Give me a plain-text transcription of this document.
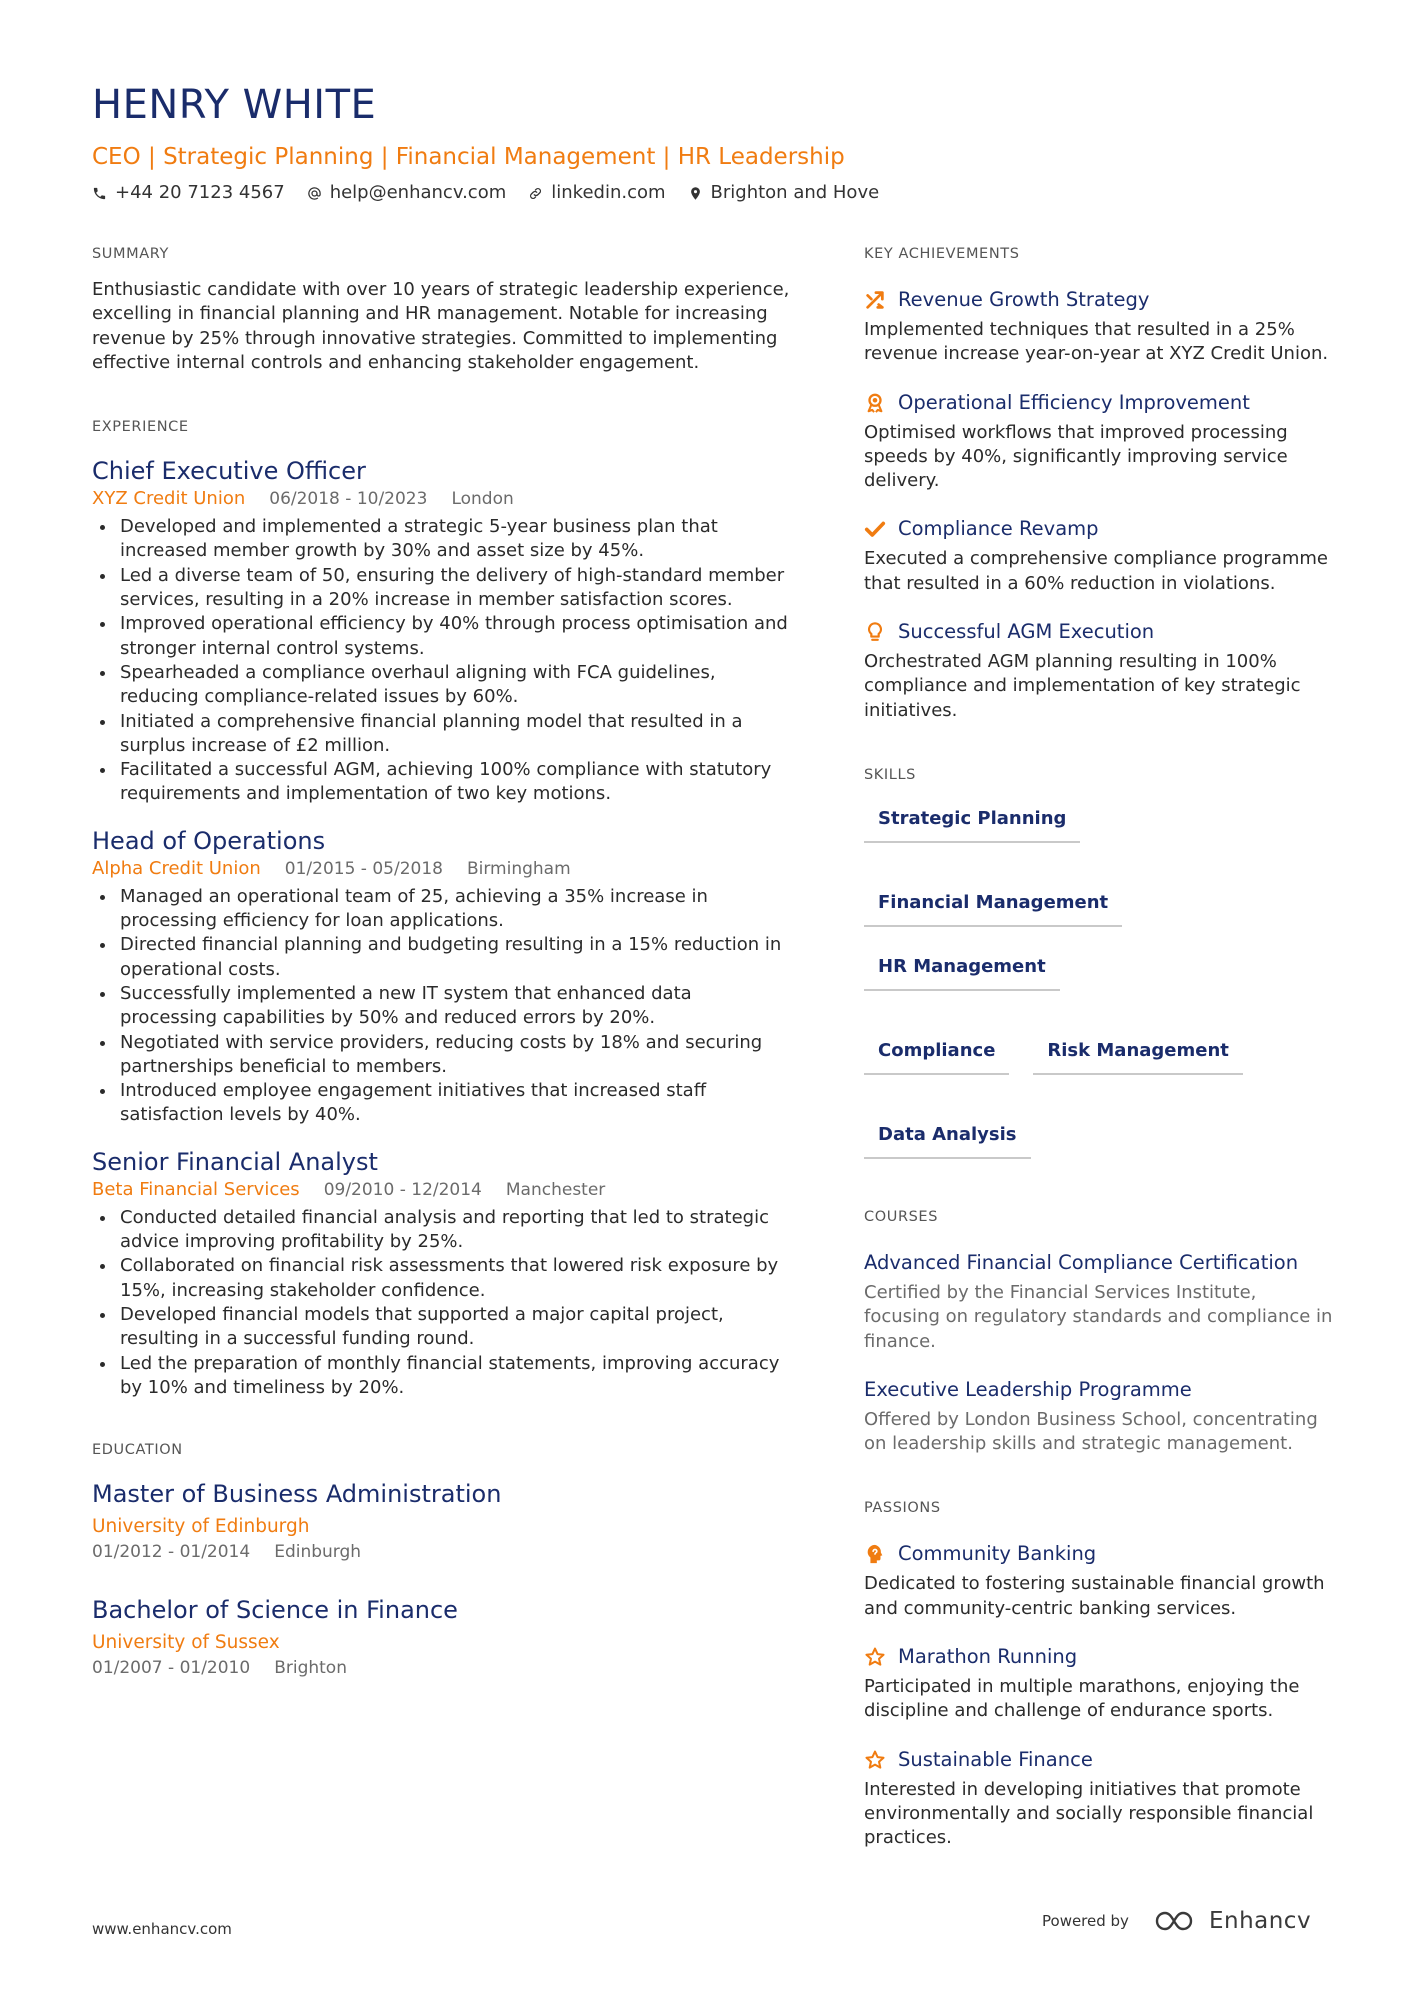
HENRY WHITE
CEO | Strategic Planning | Financial Management | HR Leadership
+44 20 7123 4567	help@enhancv.com	linkedin.com	Brighton and Hove
SUMMARY

Enthusiastic candidate with over 10 years of strategic leadership experience, excelling in financial planning and HR management. Notable for increasing revenue by 25% through innovative strategies. Committed to implementing effective internal controls and enhancing stakeholder engagement.

EXPERIENCE
Chief Executive Officer
XYZ Credit Union 06/2018 - 10/2023 London
Developed and implemented a strategic 5-year business plan that increased member growth by 30% and asset size by 45%.
Led a diverse team of 50, ensuring the delivery of high-standard member services, resulting in a 20% increase in member satisfaction scores.
Improved operational efficiency by 40% through process optimisation and stronger internal control systems.
Spearheaded a compliance overhaul aligning with FCA guidelines, reducing compliance-related issues by 60%.
Initiated a comprehensive financial planning model that resulted in a surplus increase of £2 million.
Facilitated a successful AGM, achieving 100% compliance with statutory requirements and implementation of two key motions.
Head of Operations
Alpha Credit Union 01/2015 - 05/2018 Birmingham
Managed an operational team of 25, achieving a 35% increase in processing efficiency for loan applications.
Directed financial planning and budgeting resulting in a 15% reduction in operational costs.
Successfully implemented a new IT system that enhanced data processing capabilities by 50% and reduced errors by 20%.
Negotiated with service providers, reducing costs by 18% and securing partnerships beneficial to members.
Introduced employee engagement initiatives that increased staff satisfaction levels by 40%.
Senior Financial Analyst
Beta Financial Services 09/2010 - 12/2014 Manchester
Conducted detailed financial analysis and reporting that led to strategic advice improving profitability by 25%.
Collaborated on financial risk assessments that lowered risk exposure by 15%, increasing stakeholder confidence.
Developed financial models that supported a major capital project, resulting in a successful funding round.
Led the preparation of monthly financial statements, improving accuracy by 10% and timeliness by 20%.
EDUCATION
Master of Business Administration
University of Edinburgh
01/2012 - 01/2014 Edinburgh
Bachelor of Science in Finance
University of Sussex
01/2007 - 01/2010 Brighton
KEY ACHIEVEMENTS
Revenue Growth Strategy
Implemented techniques that resulted in a 25% revenue increase year-on-year at XYZ Credit Union.
Operational Efficiency Improvement
Optimised workflows that improved processing speeds by 40%, significantly improving service delivery.
Compliance Revamp
Executed a comprehensive compliance programme that resulted in a 60% reduction in violations.
Successful AGM Execution
Orchestrated AGM planning resulting in 100% compliance and implementation of key strategic initiatives.
SKILLS
Strategic Planning
Financial Management
HR Management
Compliance	Risk Management
Data Analysis
COURSES
Advanced Financial Compliance Certification
Certified by the Financial Services Institute, focusing on regulatory standards and compliance in finance.
Executive Leadership Programme
Offered by London Business School, concentrating on leadership skills and strategic management.
PASSIONS
Community Banking
Dedicated to fostering sustainable financial growth and community-centric banking services.
Marathon Running
Participated in multiple marathons, enjoying the discipline and challenge of endurance sports.
Sustainable Finance
Interested in developing initiatives that promote environmentally and socially responsible financial practices.
www.enhancv.com	Powered by	Enhancv
